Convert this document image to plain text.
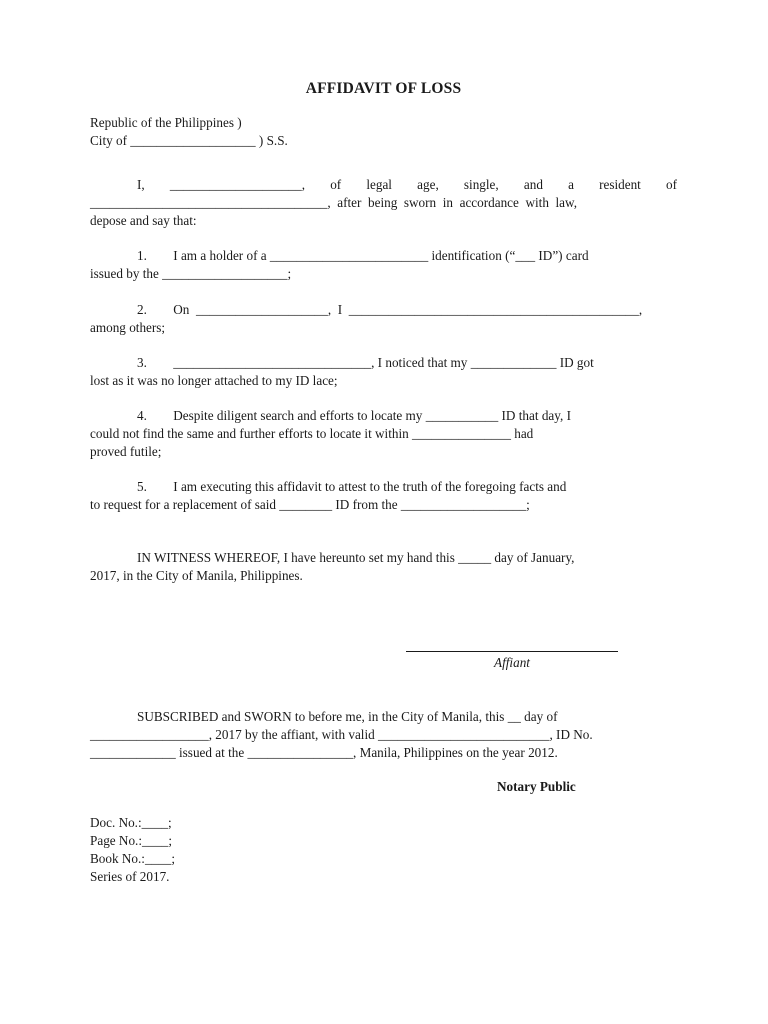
AFFIDAVIT OF LOSS
Republic of the Philippines )
City of ___________________ ) S.S.
I, ____________________, of legal age, single, and a resident of
____________________________________,  after  being  sworn  in  accordance  with  law,
depose and say that:
1.        I am a holder of a ________________________ identification (“___ ID”) card
issued by the ___________________;
2.        On  ____________________,  I  ____________________________________________,
among others;
3.        ______________________________, I noticed that my _____________ ID got
lost as it was no longer attached to my ID lace;
4.        Despite diligent search and efforts to locate my ___________ ID that day, I
could not find the same and further efforts to locate it within _______________ had
proved futile;
5.        I am executing this affidavit to attest to the truth of the foregoing facts and
to request for a replacement of said ________ ID from the ___________________;
IN WITNESS WHEREOF, I have hereunto set my hand this _____ day of January,
2017, in the City of Manila, Philippines.
Affiant
SUBSCRIBED and SWORN to before me, in the City of Manila, this __ day of
__________________, 2017 by the affiant, with valid __________________________, ID No.
_____________ issued at the ________________, Manila, Philippines on the year 2012.
Notary Public
Doc. No.:____;
Page No.:____;
Book No.:____;
Series of 2017.
